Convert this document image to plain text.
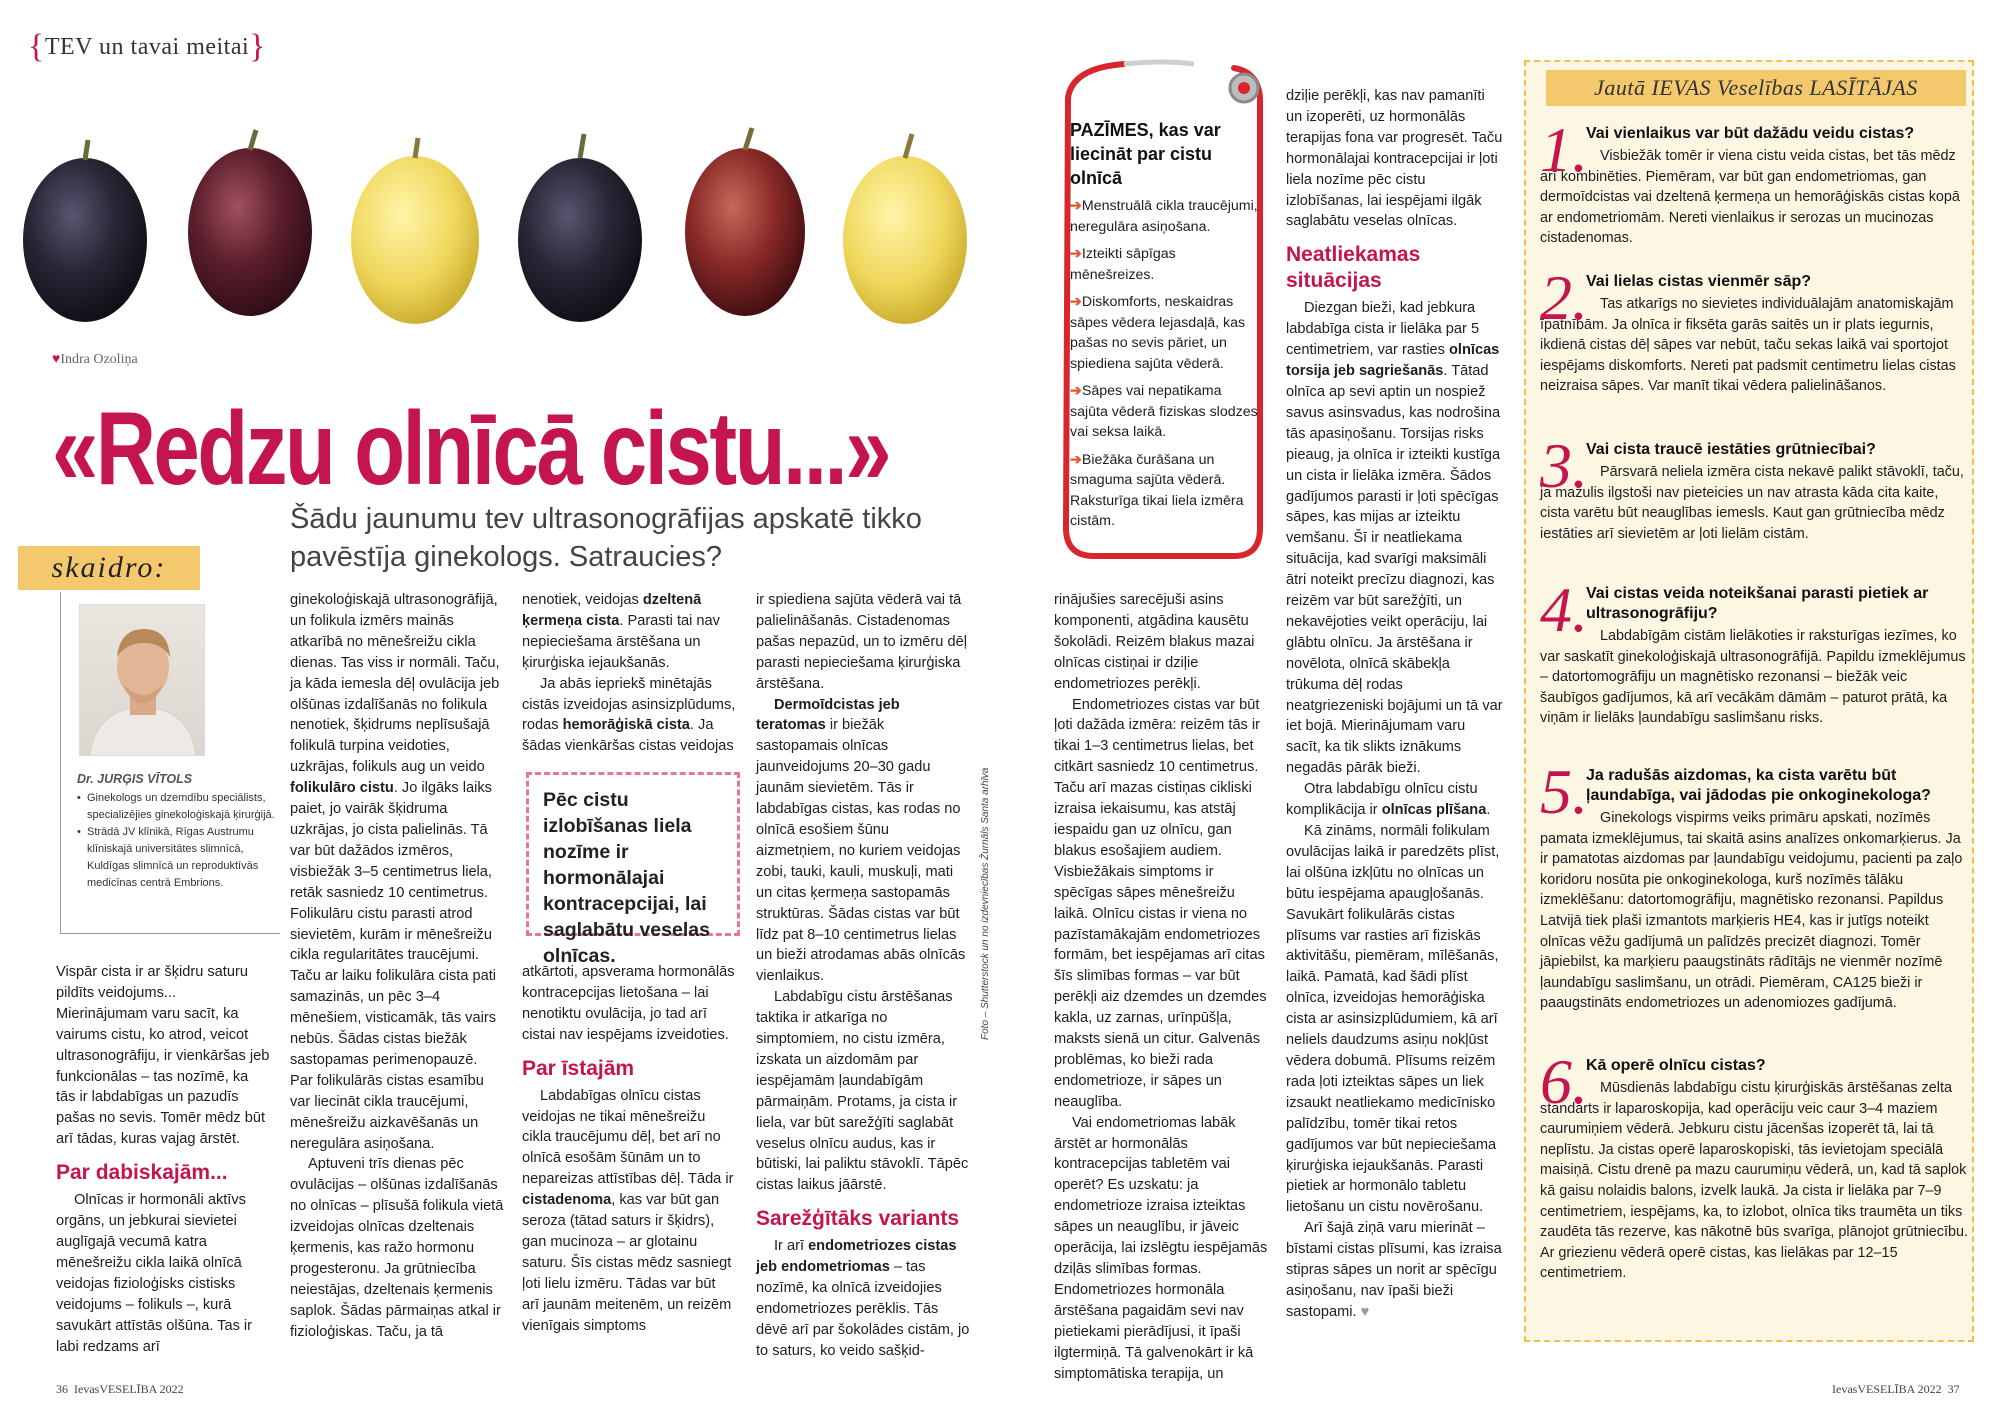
{TEV un tavai meitai}
♥Indra Ozoliņa
«Redzu olnīcā cistu...»
Šādu jaunumu tev ultrasonogrāfijas apskatē tikko pavēstīja ginekologs. Satraucies?
skaidro:
Dr. JURĢIS VĪTOLS
• Ginekologs un dzemdību speciālists, specializējies ginekoloģiskajā ķirurģijā.
• Strādā JV klīnikā, Rīgas Austrumu klīniskajā universitātes slimnīcā, Kuldīgas slimnīcā un reproduktīvās medicīnas centrā Embrions.

Vispār cista ir ar šķidru saturu pildīts veidojums... Mierinājumam varu sacīt, ka vairums cistu, ko atrod, veicot ultrasonogrāfiju, ir vienkāršas jeb funkcionālas – tas nozīmē, ka tās ir labdabīgas un pazudīs pašas no sevis. Tomēr mēdz būt arī tādas, kuras vajag ārstēt.

Par dabiskajām...

Olnīcas ir hormonāli aktīvs orgāns, un jebkurai sievietei auglīgajā vecumā katra mēnešreižu cikla laikā olnīcā veidojas fizioloģisks cistisks veidojums – folikuls –, kurā savukārt attīstās olšūna. Tas ir labi redzams arī

ginekoloģiskajā ultrasonogrāfijā, un folikula izmērs mainās atkarībā no mēnešreižu cikla dienas. Tas viss ir normāli. Taču, ja kāda iemesla dēļ ovulācija jeb olšūnas izdalīšanās no folikula nenotiek, šķidrums neplīsušajā folikulā turpina veidoties, uzkrājas, folikuls aug un veido folikulāro cistu. Jo ilgāks laiks paiet, jo vairāk šķidruma uzkrājas, jo cista palielinās. Tā var būt dažādos izmēros, visbiežāk 3–5 centimetrus liela, retāk sasniedz 10 centimetrus. Folikulāru cistu parasti atrod sievietēm, kurām ir mēnešreižu cikla regularitātes traucējumi. Taču ar laiku folikulāra cista pati samazinās, un pēc 3–4 mēnešiem, visticamāk, tās vairs nebūs. Šādas cistas biežāk sastopamas perimenopauzē. Par folikulārās cistas esamību var liecināt cikla traucējumi, mēnešreižu aizkavēšanās un neregulāra asiņošana.

Aptuveni trīs dienas pēc ovulācijas – olšūnas izdalīšanās no olnīcas – plīsušā folikula vietā izveidojas olnīcas dzeltenais ķermenis, kas ražo hormonu progesteronu. Ja grūtniecība neiestājas, dzeltenais ķermenis saplok. Šādas pārmaiņas atkal ir fizioloģiskas. Taču, ja tā

nenotiek, veidojas dzeltenā ķermeņa cista. Parasti tai nav nepieciešama ārstēšana un ķirurģiska iejaukšanās.

Ja abās iepriekš minētajās cistās izveidojas asinsizplūdums, rodas hemorāģiskā cista. Ja šādas vienkāršas cistas veidojas

Pēc cistu izlobīšanas liela nozīme ir hormonālajai kontracepcijai, lai saglabātu veselas olnīcas.

atkārtoti, apsverama hormonālās kontracepcijas lietošana – lai nenotiktu ovulācija, jo tad arī cistai nav iespējams izveidoties.

Par īstajām

Labdabīgas olnīcu cistas veidojas ne tikai mēnešreižu cikla traucējumu dēļ, bet arī no olnīcā esošām šūnām un to nepareizas attīstības dēļ. Tāda ir cistadenoma, kas var būt gan seroza (tātad saturs ir šķidrs), gan mucinoza – ar glotainu saturu. Šīs cistas mēdz sasniegt ļoti lielu izmēru. Tādas var būt arī jaunām meitenēm, un reizēm vienīgais simptoms

ir spiediena sajūta vēderā vai tā palielināšanās. Cistadenomas pašas nepazūd, un to izmēru dēļ parasti nepieciešama ķirurģiska ārstēšana.

Dermoīdcistas jeb teratomas ir biežāk sastopamais olnīcas jaunveidojums 20–30 gadu jaunām sievietēm. Tās ir labdabīgas cistas, kas rodas no olnīcā esošiem šūnu aizmetņiem, no kuriem veidojas zobi, tauki, kauli, muskuļi, mati un citas ķermeņa sastopamās struktūras. Šādas cistas var būt līdz pat 8–10 centimetrus lielas un bieži atrodamas abās olnīcās vienlaikus.

Labdabīgu cistu ārstēšanas taktika ir atkarīga no simptomiem, no cistu izmēra, izskata un aizdomām par iespējamām ļaundabīgām pārmaiņām. Protams, ja cista ir liela, var būt sarežģīti saglabāt veselus olnīcu audus, kas ir būtiski, lai paliktu stāvoklī. Tāpēc cistas laikus jāārstē.

Sarežģītāks variants

Ir arī endometriozes cistas jeb endometriomas – tas nozīmē, ka olnīcā izveidojies endometriozes perēklis. Tās dēvē arī par šokolādes cistām, jo to saturs, ko veido sašķid-

Foto – Shutterstock un no izdevniecības Žurnāls Santa arhīva
PAZĪMES, kas var liecināt par cistu olnīcā
➔Menstruālā cikla traucējumi, neregulāra asiņošana.
➔Izteikti sāpīgas mēnešreizes.
➔Diskomforts, neskaidras sāpes vēdera lejasdaļā, kas pašas no sevis pāriet, un spiediena sajūta vēderā.
➔Sāpes vai nepatikama sajūta vēderā fiziskas slodzes vai seksa laikā.
➔Biežāka čurāšana un smaguma sajūta vēderā. Raksturīga tikai liela izmēra cistām.

rinājušies sarecējuši asins komponenti, atgādina kausētu šokolādi. Reizēm blakus mazai olnīcas cistiņai ir dziļie endometriozes perēkļi.

Endometriozes cistas var būt ļoti dažāda izmēra: reizēm tās ir tikai 1–3 centimetrus lielas, bet citkārt sasniedz 10 centimetrus. Taču arī mazas cistiņas cikliski izraisa iekaisumu, kas atstāj iespaidu gan uz olnīcu, gan blakus esošajiem audiem. Visbiežākais simptoms ir spēcīgas sāpes mēnešreižu laikā. Olnīcu cistas ir viena no pazīstamākajām endometriozes formām, bet iespējamas arī citas šīs slimības formas – var būt perēkļi aiz dzemdes un dzemdes kakla, uz zarnas, urīnpūšļa, maksts sienā un citur. Galvenās problēmas, ko bieži rada endometrioze, ir sāpes un neauglība.

Vai endometriomas labāk ārstēt ar hormonālās kontracepcijas tabletēm vai operēt? Es uzskatu: ja endometrioze izraisa izteiktas sāpes un neauglību, ir jāveic operācija, lai izslēgtu iespējamās dziļās slimības formas. Endometriozes hormonāla ārstēšana pagaidām sevi nav pietiekami pierādījusi, it īpaši ilgtermiņā. Tā galvenokārt ir kā simptomātiska terapija, un

dziļie perēkļi, kas nav pamanīti un izoperēti, uz hormonālās terapijas fona var progresēt. Taču hormonālajai kontracepcijai ir ļoti liela nozīme pēc cistu izlobīšanas, lai iespējami ilgāk saglabātu veselas olnīcas.

Neatliekamas situācijas

Diezgan bieži, kad jebkura labdabīga cista ir lielāka par 5 centimetriem, var rasties olnīcas torsija jeb sagriešanās. Tātad olnīca ap sevi aptin un nospiež savus asinsvadus, kas nodrošina tās apasiņošanu. Torsijas risks pieaug, ja olnīca ir izteikti kustīga un cista ir lielāka izmēra. Šādos gadījumos parasti ir ļoti spēcīgas sāpes, kas mijas ar izteiktu vemšanu. Šī ir neatliekama situācija, kad svarīgi maksimāli ātri noteikt precīzu diagnozi, kas reizēm var būt sarežģīti, un nekavējoties veikt operāciju, lai glābtu olnīcu. Ja ārstēšana ir novēlota, olnīcā skābekļa trūkuma dēļ rodas neatgriezeniski bojājumi un tā var iet bojā. Mierinājumam varu sacīt, ka tik slikts iznākums negadās pārāk bieži.

Otra labdabīgu olnīcu cistu komplikācija ir olnīcas plīšana.

Kā zināms, normāli folikulam ovulācijas laikā ir paredzēts plīst, lai olšūna izkļūtu no olnīcas un būtu iespējama apaugļošanās. Savukārt folikulārās cistas plīsums var rasties arī fiziskās aktivitāšu, piemēram, mīlēšanās, laikā. Pamatā, kad šādi plīst olnīca, izveidojas hemorāģiska cista ar asinsizplūdumiem, kā arī neliels daudzums asiņu nokļūst vēdera dobumā. Plīsums reizēm rada ļoti izteiktas sāpes un liek izsaukt neatliekamo medicīnisko palīdzību, tomēr tikai retos gadījumos var būt nepieciešama ķirurģiska iejaukšanās. Parasti pietiek ar hormonālo tabletu lietošanu un cistu novērošanu.

Arī šajā ziņā varu mierināt – bīstami cistas plīsumi, kas izraisa stipras sāpes un norit ar spēcīgu asiņošanu, nav īpaši bieži sastopami. ♥

Jautā IEVAS Veselības LASĪTĀJAS
1.
Vai vienlaikus var būt dažādu veidu cistas?

Visbiežāk tomēr ir viena cistu veida cistas, bet tās mēdz arī kombinēties. Piemēram, var būt gan endometriomas, gan dermoīdcistas vai dzeltenā ķermeņa un hemorāģiskās cistas kopā ar endometriomām. Nereti vienlaikus ir serozas un mucinozas cistadenomas.

2.
Vai lielas cistas vienmēr sāp?

Tas atkarīgs no sievietes individuālajām anatomiskajām īpatnībām. Ja olnīca ir fiksēta garās saitēs un ir plats iegurnis, ikdienā cistas dēļ sāpes var nebūt, taču sekas laikā vai sportojot iespējams diskomforts. Nereti pat padsmit centimetru lielas cistas neizraisa sāpes. Var manīt tikai vēdera palielināšanos.

3.
Vai cista traucē iestāties grūtniecībai?

Pārsvarā neliela izmēra cista nekavē palikt stāvoklī, taču, ja mazulis ilgstoši nav pieteicies un nav atrasta kāda cita kaite, cista varētu būt neauglības iemesls. Kaut gan grūtniecība mēdz iestāties arī sievietēm ar ļoti lielām cistām.

4.
Vai cistas veida noteikšanai parasti pietiek ar ultrasonogrāfiju?

Labdabīgām cistām lielākoties ir raksturīgas iezīmes, ko var saskatīt ginekoloģiskajā ultrasonogrāfijā. Papildu izmeklējumus – datortomogrāfiju un magnētisko rezonansi – biežāk veic šaubīgos gadījumos, kā arī vecākām dāmām – paturot prātā, ka viņām ir lielāks ļaundabīgu saslimšanu risks.

5.
Ja radušās aizdomas, ka cista varētu būt ļaundabīga, vai jādodas pie onkoginekologa?

Ginekologs vispirms veiks primāru apskati, nozīmēs pamata izmeklējumus, tai skaitā asins analīzes onkomarķierus. Ja ir pamatotas aizdomas par ļaundabīgu veidojumu, pacienti pa zaļo koridoru nosūta pie onkoginekologa, kurš nozīmēs tālāku izmeklēšanu: datortomogrāfiju, magnētisko rezonansi. Papildus Latvijā tiek plaši izmantots marķieris HE4, kas ir jutīgs noteikt olnīcas vēžu gadījumā un palīdzēs precizēt diagnozi. Tomēr jāpiebilst, ka marķieru paaugstināts rādītājs ne vienmēr nozīmē ļaundabīgu saslimšanu, un otrādi. Piemēram, CA125 bieži ir paaugstināts endometriozes un adenomiozes gadījumā.

6.
Kā operē olnīcu cistas?

Mūsdienās labdabīgu cistu ķirurģiskās ārstēšanas zelta standarts ir laparoskopija, kad operāciju veic caur 3–4 maziem caurumiņiem vēderā. Jebkuru cistu jācenšas izoperēt tā, lai tā neplīstu. Ja cistas operē laparoskopiski, tās ievietojam speciālā maisiņā. Cistu drenē pa mazu caurumiņu vēderā, un, kad tā saplok kā gaisu nolaidis balons, izvelk laukā. Ja cista ir lielāka par 7–9 centimetriem, iespējams, ka, to izlobot, olnīca tiks traumēta un tiks zaudēta tās rezerve, kas nākotnē būs svarīga, plānojot grūtniecību. Ar griezienu vēderā operē cistas, kas lielākas par 12–15 centimetriem.

36 IevasVESELĪBA 2022	IevasVESELĪBA 2022 37
